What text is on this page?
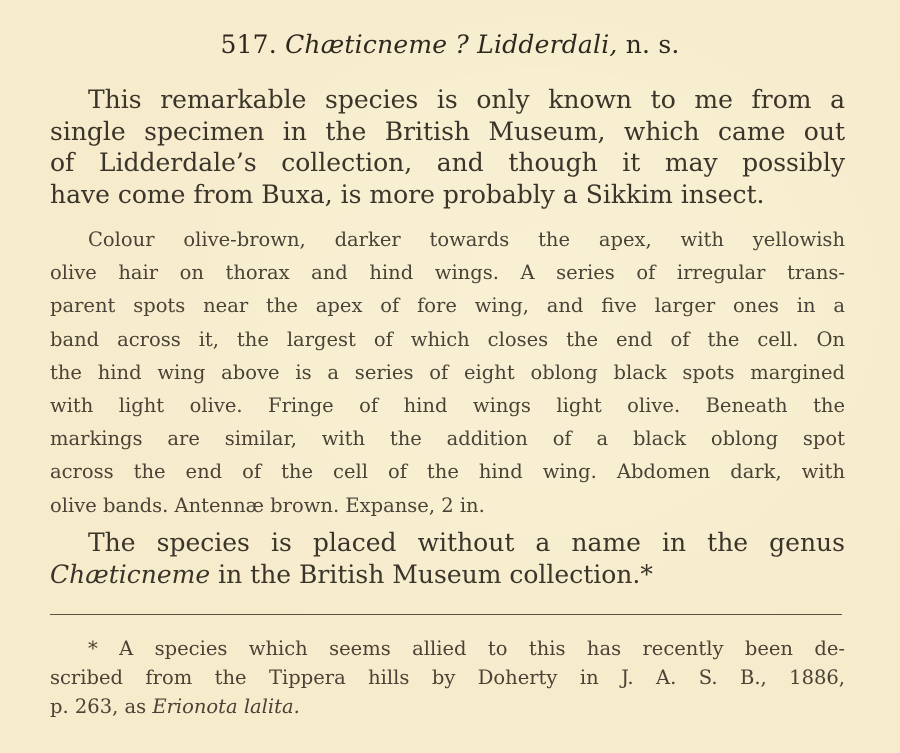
517. Chæticneme ? Lidderdali, n. s.
This remarkable species is only known to me from a
single specimen in the British Museum, which came out
of Lidderdale’s collection, and though it may possibly
have come from Buxa, is more probably a Sikkim insect.
Colour olive-brown, darker towards the apex, with yellowish
olive hair on thorax and hind wings. A series of irregular trans-
parent spots near the apex of fore wing, and five larger ones in a
band across it, the largest of which closes the end of the cell. On
the hind wing above is a series of eight oblong black spots margined
with light olive. Fringe of hind wings light olive. Beneath the
markings are similar, with the addition of a black oblong spot
across the end of the cell of the hind wing. Abdomen dark, with
olive bands. Antennæ brown. Expanse, 2 in.
The species is placed without a name in the genus
Chæticneme in the British Museum collection.*
* A species which seems allied to this has recently been de-
scribed from the Tippera hills by Doherty in J. A. S. B., 1886,
p. 263, as Erionota lalita.
